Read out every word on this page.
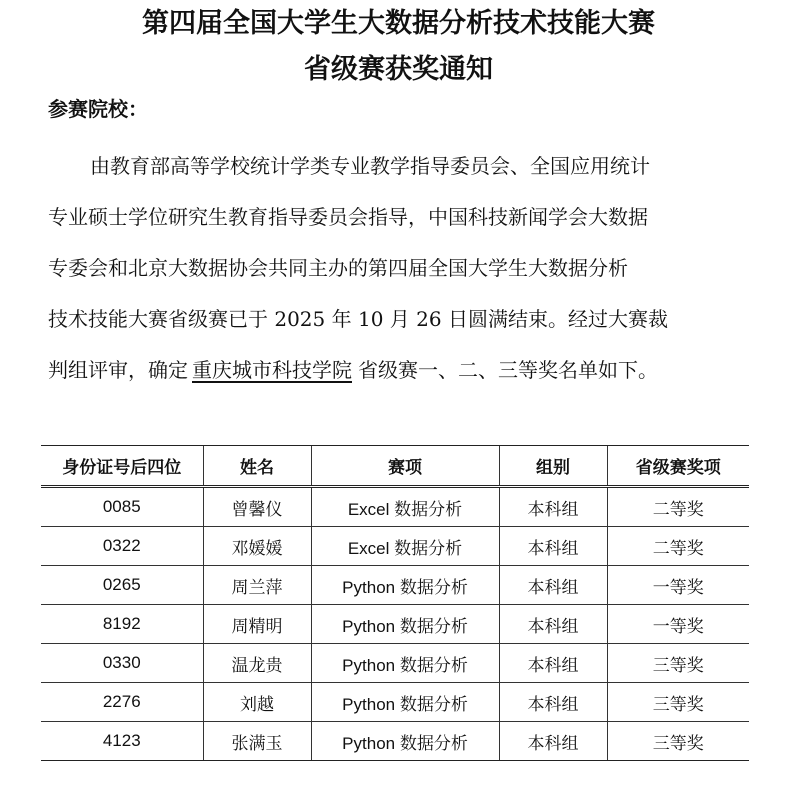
第四届全国大学生大数据分析技术技能大赛
省级赛获奖通知
参赛院校：
由教育部高等学校统计学类专业教学指导委员会、全国应用统计
专业硕士学位研究生教育指导委员会指导，中国科技新闻学会大数据
专委会和北京大数据协会共同主办的第四届全国大学生大数据分析
技术技能大赛省级赛已于 2025 年 10 月 26 日圆满结束。经过大赛裁
判组评审，确定 重庆城市科技学院 省级赛一、二、三等奖名单如下。
身份证号后四位	姓名	赛项	组别	省级赛奖项
0085	曾馨仪	Excel 数据分析	本科组	二等奖
0322	邓媛媛	Excel 数据分析	本科组	二等奖
0265	周兰萍	Python 数据分析	本科组	一等奖
8192	周精明	Python 数据分析	本科组	一等奖
0330	温龙贵	Python 数据分析	本科组	三等奖
2276	刘越	Python 数据分析	本科组	三等奖
4123	张满玉	Python 数据分析	本科组	三等奖
